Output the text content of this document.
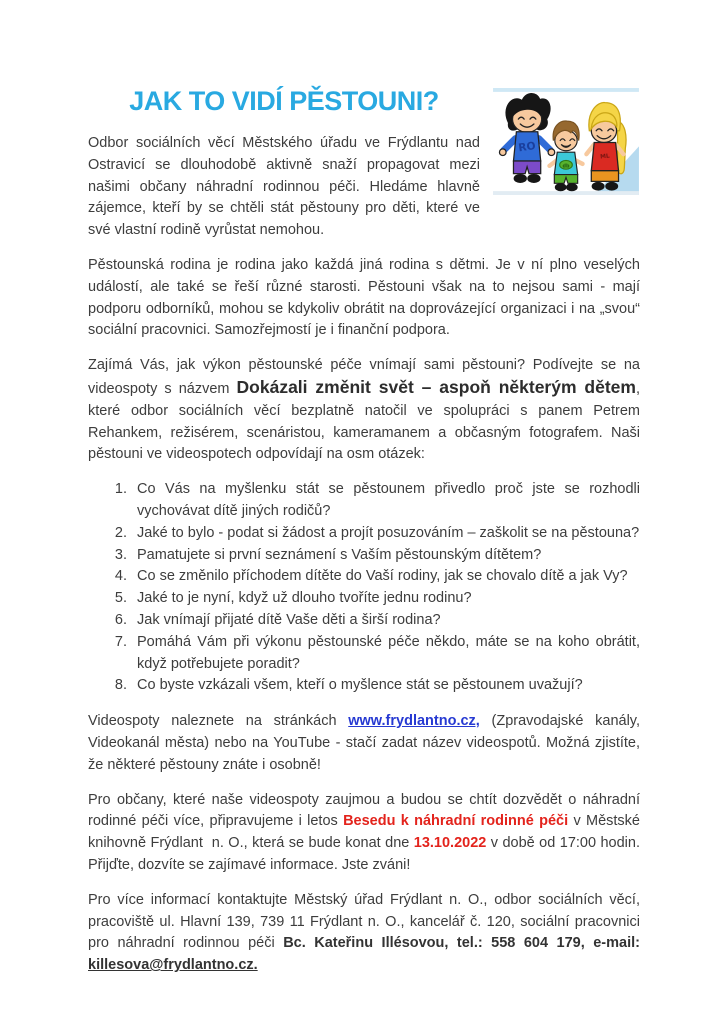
RO
db
ML
JAK TO VIDÍ PĚSTOUNI?

Odbor sociálních věcí Městského úřadu ve Frýdlantu nad Ostravicí se dlouhodobě aktivně snaží propagovat mezi našimi občany náhradní rodinnou péči. Hledáme hlavně zájemce, kteří by se chtěli stát pěstouny pro děti, které ve své vlastní rodině vyrůstat nemohou.

Pěstounská rodina je rodina jako každá jiná rodina s dětmi. Je v ní plno veselých událostí, ale také se řeší různé starosti. Pěstouni však na to nejsou sami - mají podporu odborníků, mohou se kdykoliv obrátit na doprovázející organizaci i na „svou“ sociální pracovnici. Samozřejmostí je i finanční podpora.

Zajímá Vás, jak výkon pěstounské péče vnímají sami pěstouni? Podívejte se na videospoty s názvem Dokázali změnit svět – aspoň některým dětem, které odbor sociálních věcí bezplatně natočil ve spolupráci s panem Petrem Rehankem, režisérem, scenáristou, kameramanem a občasným fotografem. Naši pěstouni ve videospotech odpovídají na osm otázek:

1. Co Vás na myšlenku stát se pěstounem přivedlo proč jste se rozhodli vychovávat dítě jiných rodičů?
2. Jaké to bylo - podat si žádost a projít posuzováním – zaškolit se na pěstouna?
3. Pamatujete si první seznámení s Vaším pěstounským dítětem?
4. Co se změnilo příchodem dítěte do Vaší rodiny, jak se chovalo dítě a jak Vy?
5. Jaké to je nyní, když už dlouho tvoříte jednu rodinu?
6. Jak vnímají přijaté dítě Vaše děti a širší rodina?
7. Pomáhá Vám při výkonu pěstounské péče někdo, máte se na koho obrátit, když potřebujete poradit?
8. Co byste vzkázali všem, kteří o myšlence stát se pěstounem uvažují?

Videospoty naleznete na stránkách www.frydlantno.cz, (Zpravodajské kanály, Videokanál města) nebo na YouTube - stačí zadat název videospotů. Možná zjistíte, že některé pěstouny znáte i osobně!

Pro občany, které naše videospoty zaujmou a budou se chtít dozvědět o náhradní rodinné péči více, připravujeme i letos Besedu k náhradní rodinné péči v Městské knihovně Frýdlant  n. O., která se bude konat dne 13.10.2022 v době od 17:00 hodin.  Přijďte, dozvíte se zajímavé informace. Jste zváni!

Pro více informací kontaktujte Městský úřad Frýdlant n. O., odbor sociálních věcí, pracoviště ul. Hlavní 139, 739 11 Frýdlant n. O., kancelář č. 120, sociální pracovnici pro náhradní rodinnou péči Bc. Kateřinu Illésovou, tel.: 558 604 179, e-mail: killesova@frydlantno.cz.
